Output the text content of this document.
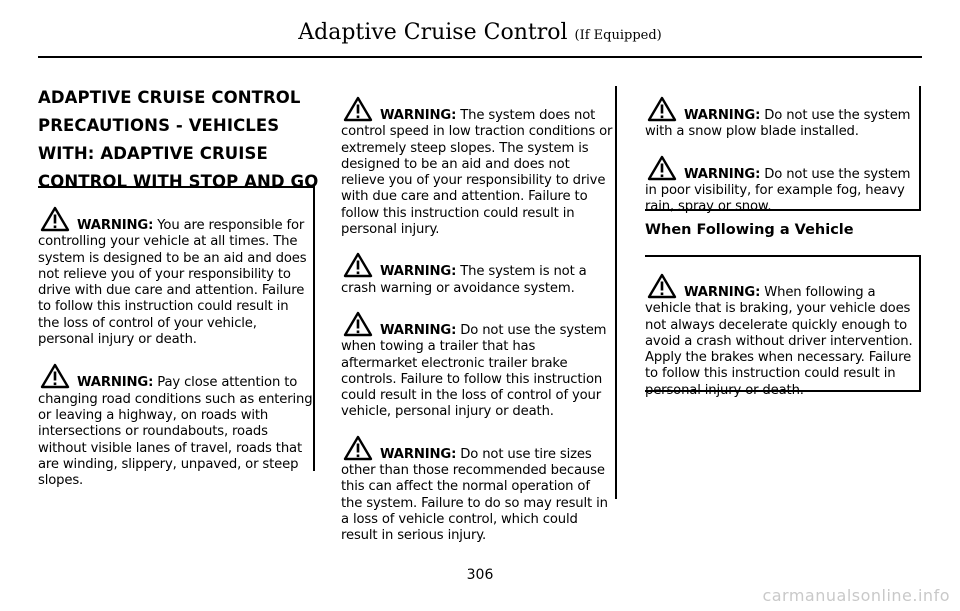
Adaptive Cruise Control (If Equipped)
ADAPTIVE CRUISE CONTROL PRECAUTIONS - VEHICLES WITH: ADAPTIVE CRUISE CONTROL WITH STOP AND GO

WARNING: You are responsible for controlling your vehicle at all times. The system is designed to be an aid and does not relieve you of your responsibility to drive with due care and attention. Failure to follow this instruction could result in the loss of control of your vehicle, personal injury or death.

WARNING: Pay close attention to changing road conditions such as entering or leaving a highway, on roads with intersections or roundabouts, roads without visible lanes of travel, roads that are winding, slippery, unpaved, or steep slopes.

WARNING: The system does not control speed in low traction conditions or extremely steep slopes. The system is designed to be an aid and does not relieve you of your responsibility to drive with due care and attention. Failure to follow this instruction could result in personal injury.

WARNING: The system is not a crash warning or avoidance system.

WARNING: Do not use the system when towing a trailer that has aftermarket electronic trailer brake controls. Failure to follow this instruction could result in the loss of control of your vehicle, personal injury or death.

WARNING: Do not use tire sizes other than those recommended because this can affect the normal operation of the system. Failure to do so may result in a loss of vehicle control, which could result in serious injury.

WARNING: Do not use the system with a snow plow blade installed.

WARNING: Do not use the system in poor visibility, for example fog, heavy rain, spray or snow.

When Following a Vehicle

WARNING: When following a vehicle that is braking, your vehicle does not always decelerate quickly enough to avoid a crash without driver intervention. Apply the brakes when necessary. Failure to follow this instruction could result in personal injury or death.

306
carmanualsonline.info
